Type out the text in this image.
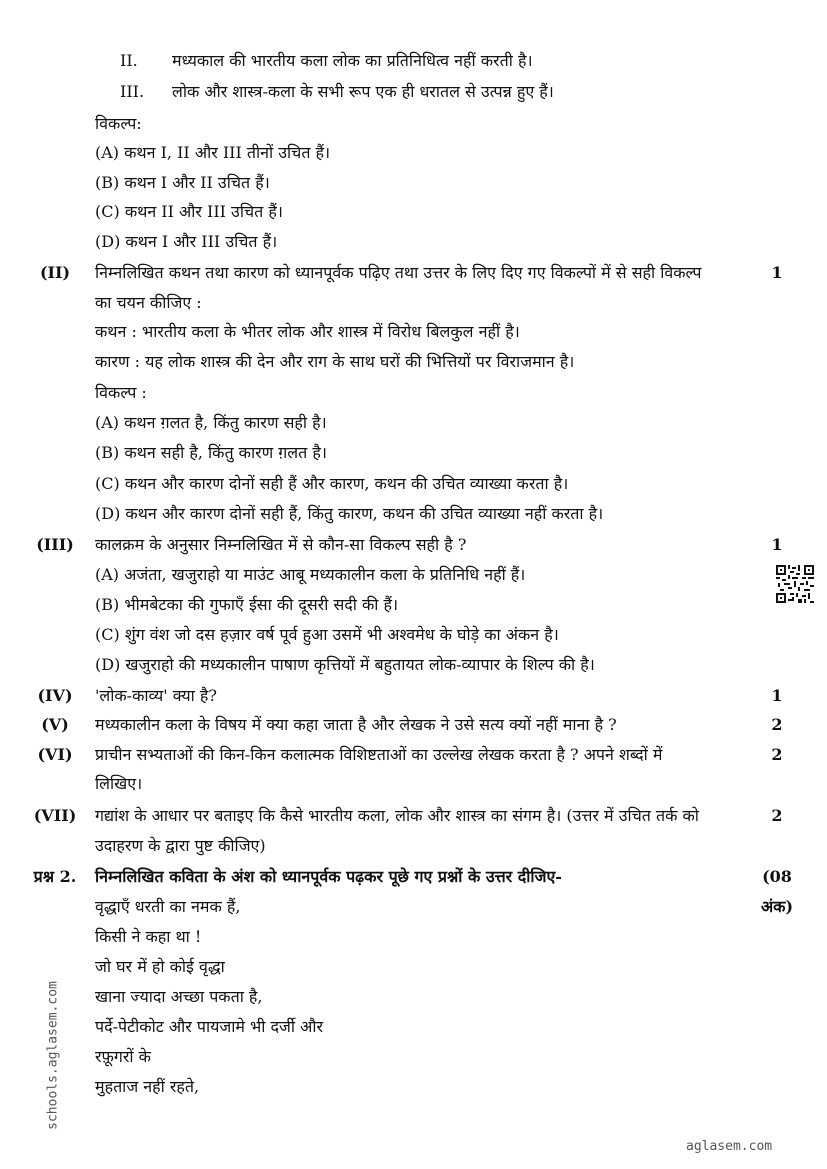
II. मध्यकाल की भारतीय कला लोक का प्रतिनिधित्व नहीं करती है।
III. लोक और शास्त्र-कला के सभी रूप एक ही धरातल से उत्पन्न हुए हैं।
विकल्प:
(A) कथन I, II और III तीनों उचित हैं।
(B) कथन I और II उचित हैं।
(C) कथन II और III उचित हैं।
(D) कथन I और III उचित हैं।
(II)	निम्नलिखित कथन तथा कारण को ध्यानपूर्वक पढ़िए तथा उत्तर के लिए दिए गए विकल्पों में से सही विकल्प	1
का चयन कीजिए :
कथन : भारतीय कला के भीतर लोक और शास्त्र में विरोध बिलकुल नहीं है।
कारण : यह लोक शास्त्र की देन और राग के साथ घरों की भित्तियों पर विराजमान है।
विकल्प :
(A) कथन ग़लत है, किंतु कारण सही है।
(B) कथन सही है, किंतु कारण ग़लत है।
(C) कथन और कारण दोनों सही हैं और कारण, कथन की उचित व्याख्या करता है।
(D) कथन और कारण दोनों सही हैं, किंतु कारण, कथन की उचित व्याख्या नहीं करता है।
(III)	कालक्रम के अनुसार निम्नलिखित में से कौन-सा विकल्प सही है ?	1
(A) अजंता, खजुराहो या माउंट आबू मध्यकालीन कला के प्रतिनिधि नहीं हैं।
(B) भीमबेटका की गुफाएँ ईसा की दूसरी सदी की हैं।
(C) शुंग वंश जो दस हज़ार वर्ष पूर्व हुआ उसमें भी अश्वमेध के घोड़े का अंकन है।
(D) खजुराहो की मध्यकालीन पाषाण कृत्तियों में बहुतायत लोक-व्यापार के शिल्प की है।
(IV)	'लोक-काव्य' क्या है?	1
(V)	मध्यकालीन कला के विषय में क्या कहा जाता है और लेखक ने उसे सत्य क्यों नहीं माना है ?	2
(VI)	प्राचीन सभ्यताओं की किन-किन कलात्मक विशिष्टताओं का उल्लेख लेखक करता है ? अपने शब्दों में	2
लिखिए।
(VII)	गद्यांश के आधार पर बताइए कि कैसे भारतीय कला, लोक और शास्त्र का संगम है। (उत्तर में उचित तर्क को	2
उदाहरण के द्वारा पुष्ट कीजिए)
प्रश्न 2.	निम्नलिखित कविता के अंश को ध्यानपूर्वक पढ़कर पूछे गए प्रश्नों के उत्तर दीजिए-	(08
अंक)
वृद्धाएँ धरती का नमक हैं,
किसी ने कहा था !
जो घर में हो कोई वृद्धा
खाना ज्यादा अच्छा पकता है,
पर्दे-पेटीकोट और पायजामे भी दर्जी और
रफ़ूगरों के
मुहताज नहीं रहते,
schools.aglasem.com
aglasem.com
